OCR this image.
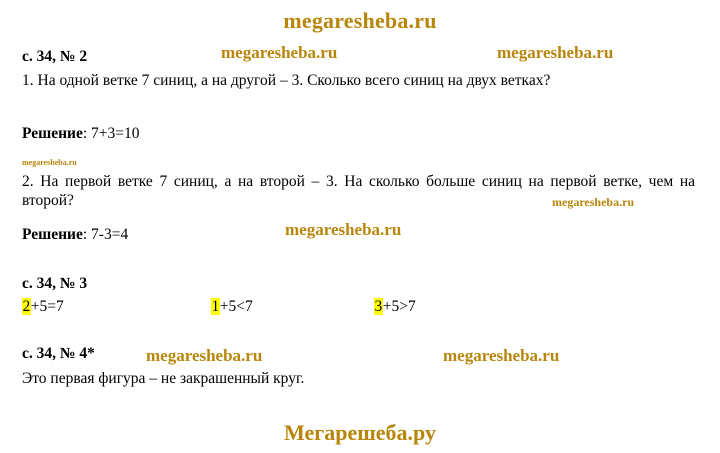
megaresheba.ru
megaresheba.ru	megaresheba.ru
megaresheba.ru
megaresheba.ru
megaresheba.ru
megaresheba.ru	megaresheba.ru
Мегарешеба.ру
с. 34, № 2

1. На одной ветке 7 синиц, а на другой – 3. Сколько всего синиц на двух ветках?

Решение: 7+3=10

2. На первой ветке 7 синиц, а на второй – 3. На сколько больше синиц на первой ветке, чем на второй?

Решение: 7-3=4

с. 34, № 3
2+5=7	1+5<7	3+5>7
с. 34, № 4*

Это первая фигура – не закрашенный круг.
